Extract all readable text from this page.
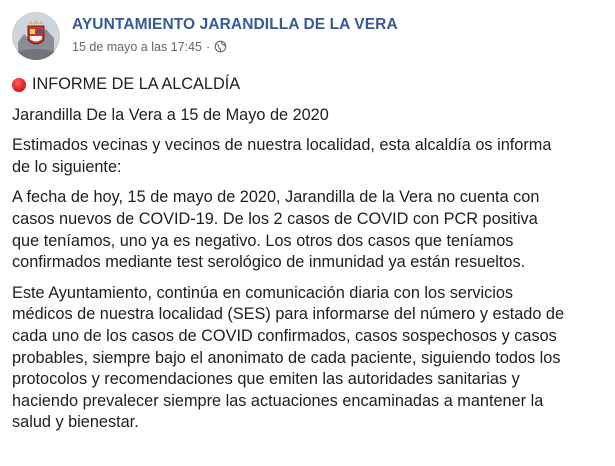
AYUNTAMIENTO JARANDILLA DE LA VERA
15 de mayo a las 17:45 ·

INFORME DE LA ALCALDÍA

Jarandilla De la Vera a 15 de Mayo de 2020

Estimados vecinas y vecinos de nuestra localidad, esta alcaldía os informa
de lo siguiente:

A fecha de hoy, 15 de mayo de 2020, Jarandilla de la Vera no cuenta con
casos nuevos de COVID-19. De los 2 casos de COVID con PCR positiva
que teníamos, uno ya es negativo. Los otros dos casos que teníamos
confirmados mediante test serológico de inmunidad ya están resueltos.

Este Ayuntamiento, continúa en comunicación diaria con los servicios
médicos de nuestra localidad (SES) para informarse del número y estado de
cada uno de los casos de COVID confirmados, casos sospechosos y casos
probables, siempre bajo el anonimato de cada paciente, siguiendo todos los
protocolos y recomendaciones que emiten las autoridades sanitarias y
haciendo prevalecer siempre las actuaciones encaminadas a mantener la
salud y bienestar.
